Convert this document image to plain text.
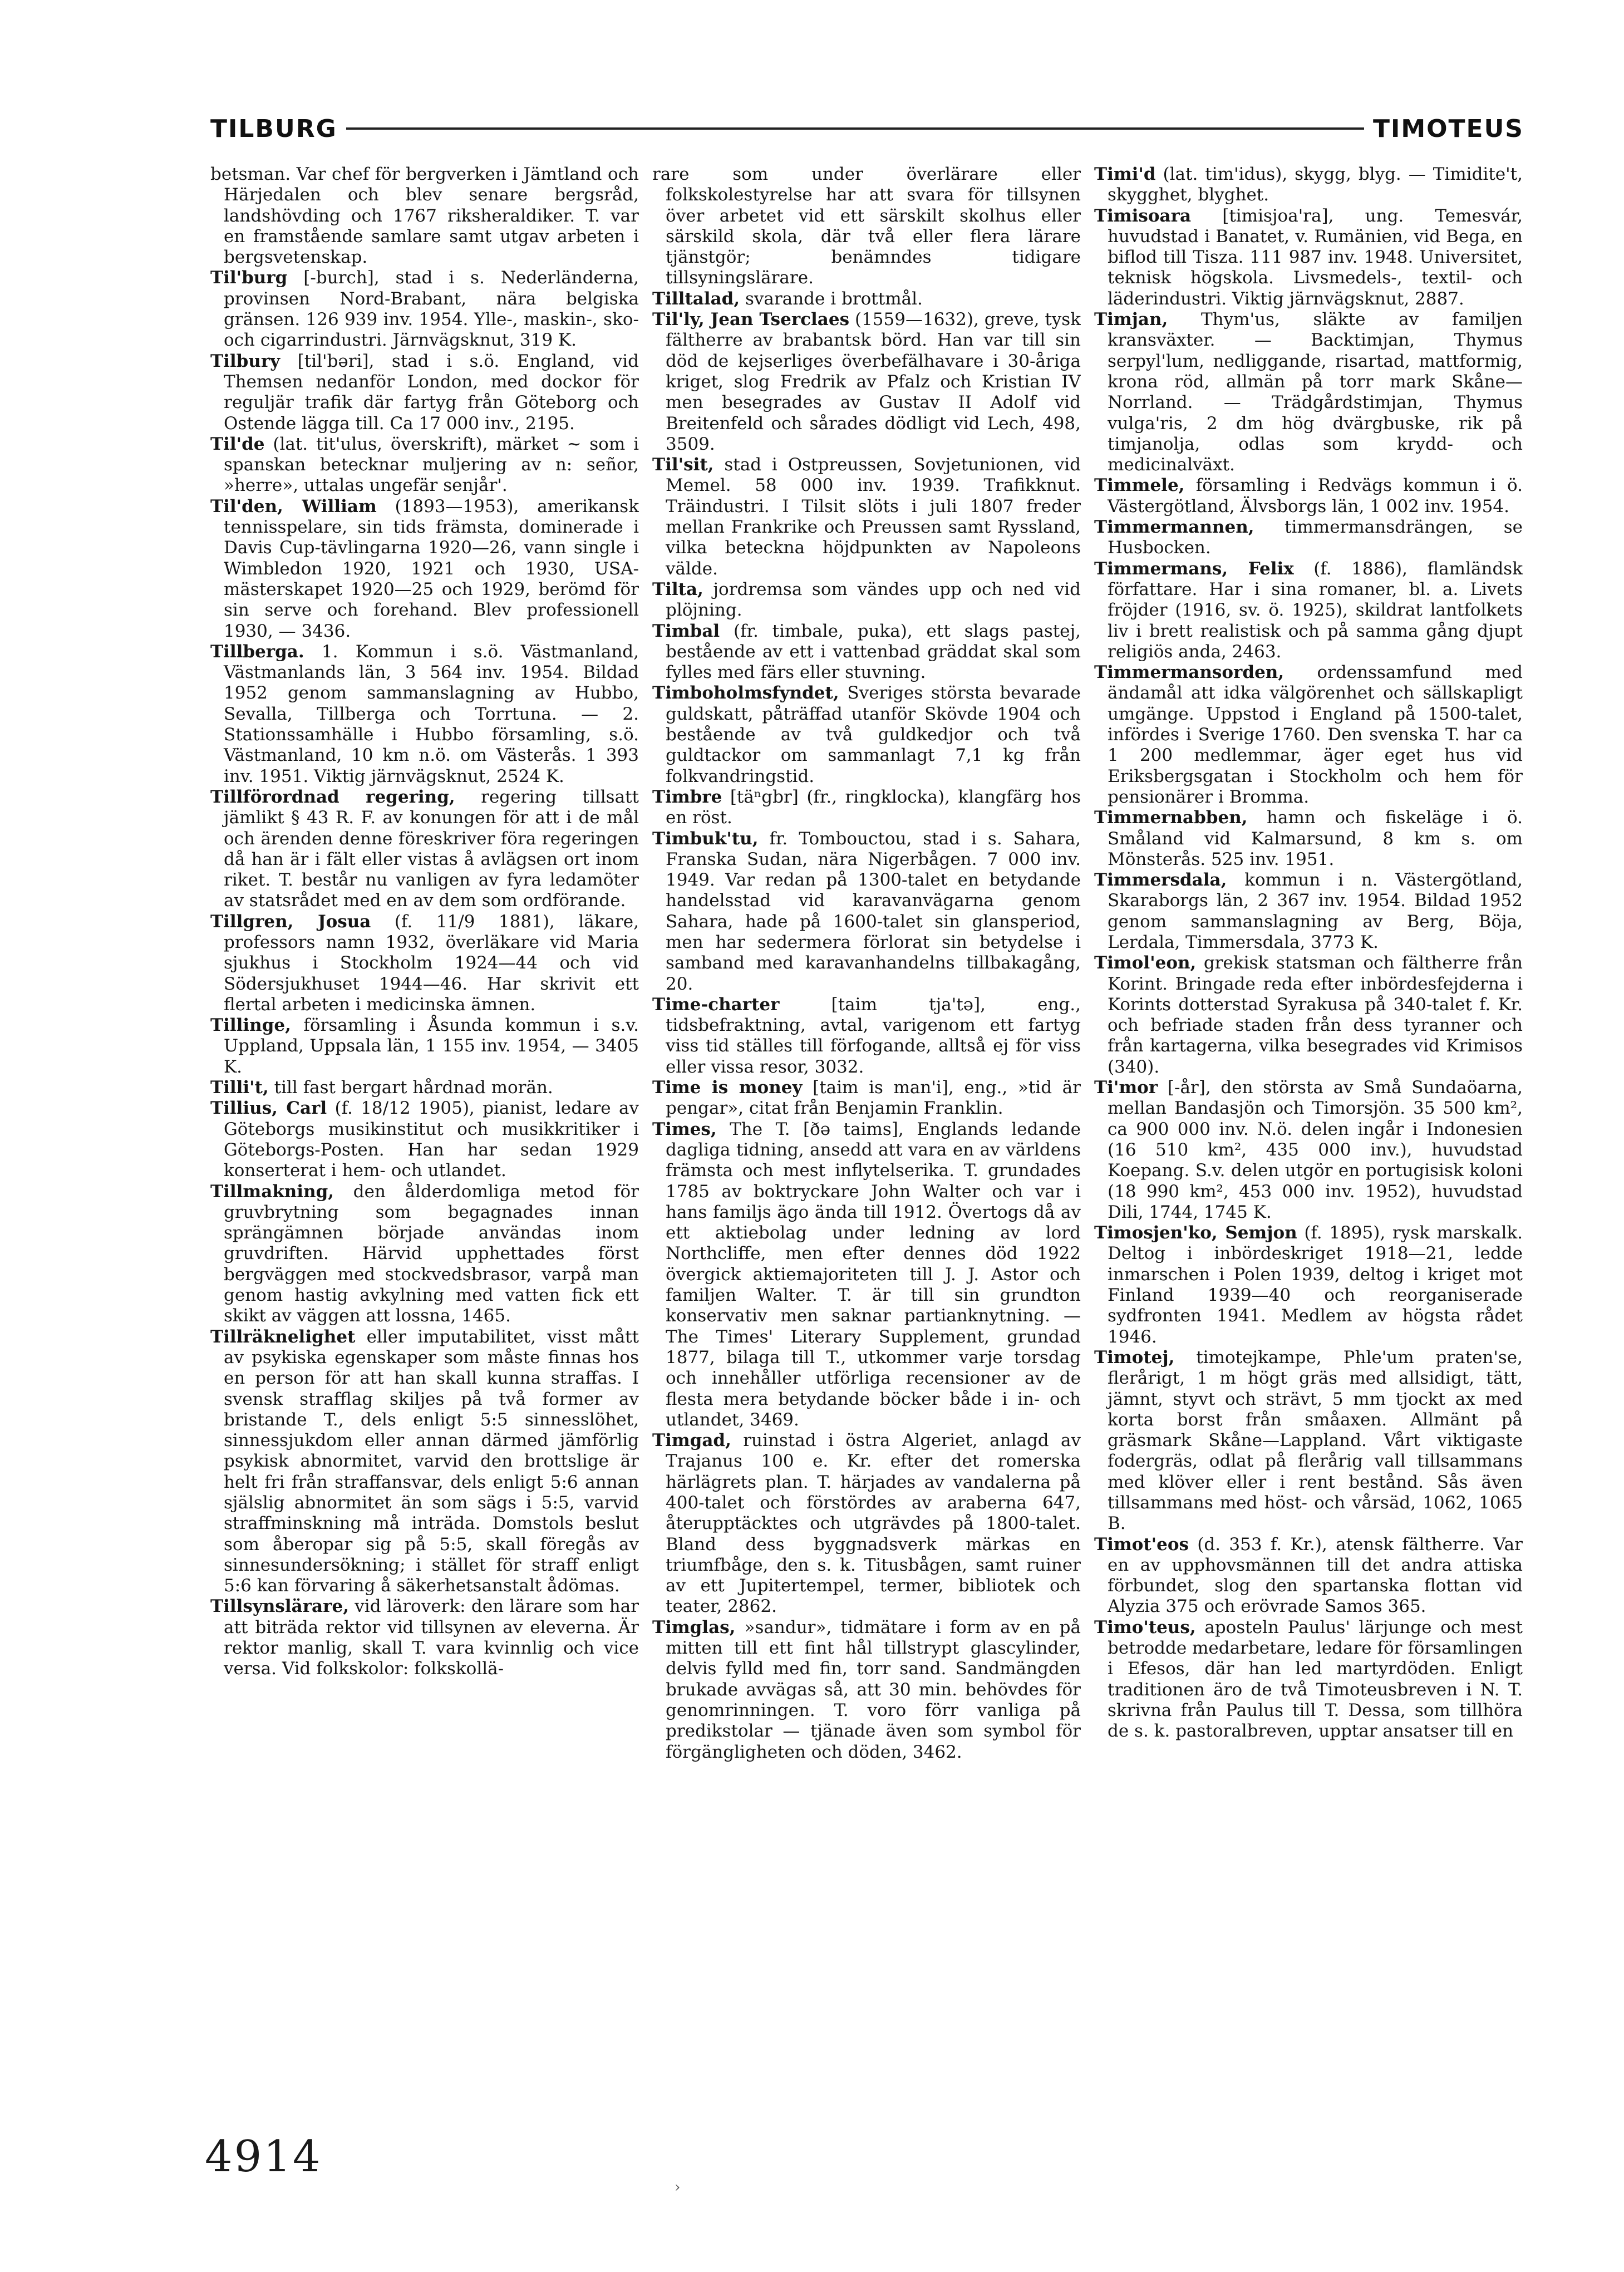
TILBURG	TIMOTEUS

betsman. Var chef för bergverken i Jämtland och Härjedalen och blev senare bergsråd, landshövding och 1767 riksheraldiker. T. var en framstående samlare samt utgav arbeten i bergsvetenskap.

Til'burg [-burch], stad i s. Nederländerna, provinsen Nord-Brabant, nära belgiska gränsen. 126 939 inv. 1954. Ylle-, maskin-, sko- och cigarrindustri. Järnvägsknut, 319 K.

Tilbury [til'bəri], stad i s.ö. England, vid Themsen nedanför London, med dockor för reguljär trafik där fartyg från Göteborg och Ostende lägga till. Ca 17 000 inv., 2195.

Til'de (lat. tit'ulus, överskrift), märket ~ som i spanskan betecknar muljering av n: señor, »herre», uttalas ungefär senjår'.

Til'den, William (1893—1953), amerikansk tennisspelare, sin tids främsta, dominerade i Davis Cup-tävlingarna 1920—26, vann single i Wimbledon 1920, 1921 och 1930, USA-mästerskapet 1920—25 och 1929, berömd för sin serve och forehand. Blev professionell 1930, — 3436.

Tillberga. 1. Kommun i s.ö. Västmanland, Västmanlands län, 3 564 inv. 1954. Bildad 1952 genom sammanslagning av Hubbo, Sevalla, Tillberga och Torrtuna. — 2. Stationssamhälle i Hubbo församling, s.ö. Västmanland, 10 km n.ö. om Västerås. 1 393 inv. 1951. Viktig järnvägsknut, 2524 K.

Tillförordnad regering, regering tillsatt jämlikt § 43 R. F. av konungen för att i de mål och ärenden denne föreskriver föra regeringen då han är i fält eller vistas å avlägsen ort inom riket. T. består nu vanligen av fyra ledamöter av statsrådet med en av dem som ordförande.

Tillgren, Josua (f. 11/9 1881), läkare, professors namn 1932, överläkare vid Maria sjukhus i Stockholm 1924—44 och vid Södersjukhuset 1944—46. Har skrivit ett flertal arbeten i medicinska ämnen.

Tillinge, församling i Åsunda kommun i s.v. Uppland, Uppsala län, 1 155 inv. 1954, — 3405 K.

Tilli't, till fast bergart hårdnad morän.

Tillius, Carl (f. 18/12 1905), pianist, ledare av Göteborgs musikinstitut och musikkritiker i Göteborgs-Posten. Han har sedan 1929 konserterat i hem- och utlandet.

Tillmakning, den ålderdomliga metod för gruvbrytning som begagnades innan sprängämnen började användas inom gruvdriften. Härvid upphettades först bergväggen med stockvedsbrasor, varpå man genom hastig avkylning med vatten fick ett skikt av väggen att lossna, 1465.

Tillräknelighet eller imputabilitet, visst mått av psykiska egenskaper som måste finnas hos en person för att han skall kunna straffas. I svensk strafflag skiljes på två former av bristande T., dels enligt 5:5 sinnesslöhet, sinnessjukdom eller annan därmed jämförlig psykisk abnormitet, varvid den brottslige är helt fri från straffansvar, dels enligt 5:6 annan själslig abnormitet än som sägs i 5:5, varvid straffminskning må inträda. Domstols beslut som åberopar sig på 5:5, skall föregås av sinnesundersökning; i stället för straff enligt 5:6 kan förvaring å säkerhetsanstalt ådömas.

Tillsynslärare, vid läroverk: den lärare som har att biträda rektor vid tillsynen av eleverna. Är rektor manlig, skall T. vara kvinnlig och vice versa. Vid folkskolor: folkskollä-

rare som under överlärare eller folkskolestyrelse har att svara för tillsynen över arbetet vid ett särskilt skolhus eller särskild skola, där två eller flera lärare tjänstgör; benämndes tidigare tillsyningslärare.

Tilltalad, svarande i brottmål.

Til'ly, Jean Tserclaes (1559—1632), greve, tysk fältherre av brabantsk börd. Han var till sin död de kejserliges överbefälhavare i 30-åriga kriget, slog Fredrik av Pfalz och Kristian IV men besegrades av Gustav II Adolf vid Breitenfeld och sårades dödligt vid Lech, 498, 3509.

Til'sit, stad i Ostpreussen, Sovjetunionen, vid Memel. 58 000 inv. 1939. Trafikknut. Träindustri. I Tilsit slöts i juli 1807 freder mellan Frankrike och Preussen samt Ryssland, vilka betecknа höjdpunkten av Napoleons välde.

Tilta, jordremsa som vändes upp och ned vid plöjning.

Timbal (fr. timbale, puka), ett slags pastej, bestående av ett i vattenbad gräddat skal som fylles med färs eller stuvning.

Timboholmsfyndet, Sveriges största bevarade guldskatt, påträffad utanför Skövde 1904 och bestående av två guldkedjor och två guldtackor om sammanlagt 7,1 kg från folkvandringstid.

Timbre [täⁿgbr] (fr., ringklocka), klangfärg hos en röst.

Timbuk'tu, fr. Tombouctou, stad i s. Sahara, Franska Sudan, nära Nigerbågen. 7 000 inv. 1949. Var redan på 1300-talet en betydande handelsstad vid karavanvägarna genom Sahara, hade på 1600-talet sin glansperiod, men har sedermera förlorat sin betydelse i samband med karavanhandelns tillbakagång, 20.

Time-charter [taim tja'tə], eng., tidsbefraktning, avtal, varigenom ett fartyg viss tid ställes till förfogande, alltså ej för viss eller vissa resor, 3032.

Time is money [taim is man'i], eng., »tid är pengar», citat från Benjamin Franklin.

Times, The T. [ðə taims], Englands ledande dagliga tidning, ansedd att vara en av världens främsta och mest inflytelserika. T. grundades 1785 av boktryckare John Walter och var i hans familjs ägo ända till 1912. Övertogs då av ett aktiebolag under ledning av lord Northcliffe, men efter dennes död 1922 övergick aktiemajoriteten till J. J. Astor och familjen Walter. T. är till sin grundton konservativ men saknar partianknytning. — The Times' Literary Supplement, grundad 1877, bilaga till T., utkommer varje torsdag och innehåller utförliga recensioner av de flesta mera betydande böcker både i in- och utlandet, 3469.

Timgad, ruinstad i östra Algeriet, anlagd av Trajanus 100 e. Kr. efter det romerska härlägrets plan. T. härjades av vandalerna på 400-talet och förstördes av araberna 647, återupptäcktes och utgrävdes på 1800-talet. Bland dess byggnadsverk märkas en triumfbåge, den s. k. Titusbågen, samt ruiner av ett Jupitertempel, termer, bibliotek och teater, 2862.

Timglas, »sandur», tidmätare i form av en på mitten till ett fint hål tillstrypt glascylinder, delvis fylld med fin, torr sand. Sandmängden brukade avvägas så, att 30 min. behövdes för genomrinningen. T. voro förr vanliga på predikstolar — tjänade även som symbol för förgängligheten och döden, 3462.

Timi'd (lat. tim'idus), skygg, blyg. — Timidite't, skygghet, blyghet.

Timisoara [timisjoa'ra], ung. Temesvár, huvudstad i Banatet, v. Rumänien, vid Bega, en biflod till Tisza. 111 987 inv. 1948. Universitet, teknisk högskola. Livsmedels-, textil- och läderindustri. Viktig järnvägsknut, 2887.

Timjan, Thym'us, släkte av familjen kransväxter. — Backtimjan, Thymus serpyl'lum, nedliggande, risartad, mattformig, krona röd, allmän på torr mark Skåne—Norrland. — Trädgårdstimjan, Thymus vulga'ris, 2 dm hög dvärgbuske, rik på timjanolja, odlas som krydd- och medicinalväxt.

Timmele, församling i Redvägs kommun i ö. Västergötland, Älvsborgs län, 1 002 inv. 1954.

Timmermannen, timmermansdrängen, se Husbocken.

Timmermans, Felix (f. 1886), flamländsk författare. Har i sina romaner, bl. a. Livets fröjder (1916, sv. ö. 1925), skildrat lantfolkets liv i brett realistisk och på samma gång djupt religiös anda, 2463.

Timmermansorden, ordenssamfund med ändamål att idka välgörenhet och sällskapligt umgänge. Uppstod i England på 1500-talet, infördes i Sverige 1760. Den svenska T. har ca 1 200 medlemmar, äger eget hus vid Eriksbergsgatan i Stockholm och hem för pensionärer i Bromma.

Timmernabben, hamn och fiskeläge i ö. Småland vid Kalmarsund, 8 km s. om Mönsterås. 525 inv. 1951.

Timmersdala, kommun i n. Västergötland, Skaraborgs län, 2 367 inv. 1954. Bildad 1952 genom sammanslagning av Berg, Böja, Lerdala, Timmersdala, 3773 K.

Timol'eon, grekisk statsman och fältherre från Korint. Bringade reda efter inbördesfejderna i Korints dotterstad Syrakusa på 340-talet f. Kr. och befriade staden från dess tyranner och från kartagerna, vilka besegrades vid Krimisos (340).

Ti'mor [-år], den största av Små Sundaöarna, mellan Bandasjön och Timorsjön. 35 500 km², ca 900 000 inv. N.ö. delen ingår i Indonesien (16 510 km², 435 000 inv.), huvudstad Koepang. S.v. delen utgör en portugisisk koloni (18 990 km², 453 000 inv. 1952), huvudstad Dili, 1744, 1745 K.

Timosjen'ko, Semjon (f. 1895), rysk marskalk. Deltog i inbördeskriget 1918—21, ledde inmarschen i Polen 1939, deltog i kriget mot Finland 1939—40 och reorganiserade sydfronten 1941. Medlem av högsta rådet 1946.

Timotej, timotejkampe, Phle'um praten'se, flerårigt, 1 m högt gräs med allsidigt, tätt, jämnt, styvt och strävt, 5 mm tjockt ax med korta borst från småaxen. Allmänt på gräsmark Skåne—Lappland. Vårt viktigaste fodergräs, odlat på flerårig vall tillsammans med klöver eller i rent bestånd. Sås även tillsammans med höst- och vårsäd, 1062, 1065 B.

Timot'eos (d. 353 f. Kr.), atensk fältherre. Var en av upphovsmännen till det andra attiska förbundet, slog den spartanska flottan vid Alyzia 375 och erövrade Samos 365.

Timo'teus, aposteln Paulus' lärjunge och mest betrodde medarbetare, ledare för församlingen i Efesos, där han led martyrdöden. Enligt traditionen äro de två Timoteusbreven i N. T. skrivna från Paulus till T. Dessa, som tillhöra de s. k. pastoralbreven, upptar ansatser till en

4914
›
